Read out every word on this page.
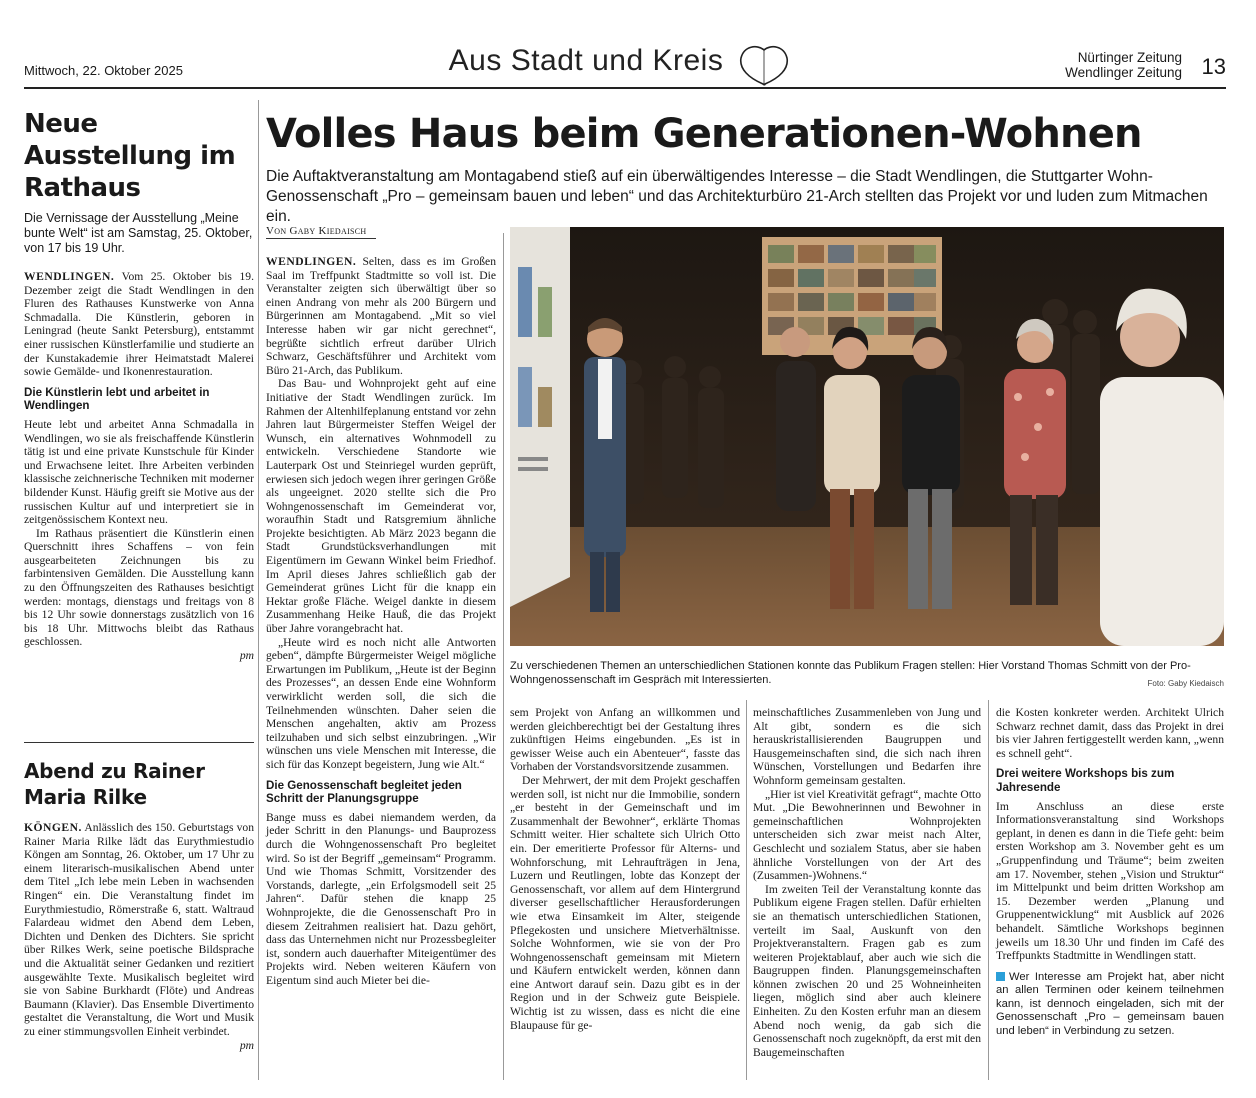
Mittwoch, 22. Oktober 2025	Aus Stadt und Kreis	Nürtinger Zeitung
Wendlinger Zeitung 13
Neue Ausstellung im Rathaus
Die Vernissage der Ausstellung „Meine bunte Welt“ ist am Samstag, 25. Oktober, von 17 bis 19 Uhr.

WENDLINGEN. Vom 25. Oktober bis 19. Dezember zeigt die Stadt Wendlingen in den Fluren des Rathauses Kunstwerke von Anna Schmadalla. Die Künstlerin, geboren in Leningrad (heute Sankt Petersburg), entstammt einer russischen Künstlerfamilie und studierte an der Kunstakademie ihrer Heimatstadt Malerei sowie Gemälde- und Ikonenrestauration.

Die Künstlerin lebt und arbeitet in Wendlingen

Heute lebt und arbeitet Anna Schmadalla in Wendlingen, wo sie als freischaffende Künstlerin tätig ist und eine private Kunstschule für Kinder und Erwachsene leitet. Ihre Arbeiten verbinden klassische zeichnerische Techniken mit moderner bildender Kunst. Häufig greift sie Motive aus der russischen Kultur auf und interpretiert sie in zeitgenössischem Kontext neu.

Im Rathaus präsentiert die Künstlerin einen Querschnitt ihres Schaffens – von fein ausgearbeiteten Zeichnungen bis zu farbintensiven Gemälden. Die Ausstellung kann zu den Öffnungszeiten des Rathauses besichtigt werden: montags, dienstags und freitags von 8 bis 12 Uhr sowie donnerstags zusätzlich von 16 bis 18 Uhr. Mittwochs bleibt das Rathaus geschlossen.

pm

Abend zu Rainer Maria Rilke

KÖNGEN. Anlässlich des 150. Geburtstags von Rainer Maria Rilke lädt das Eurythmiestudio Köngen am Sonntag, 26. Oktober, um 17 Uhr zu einem literarisch-musikalischen Abend unter dem Titel „Ich lebe mein Leben in wachsenden Ringen“ ein. Die Veranstaltung findet im Eurythmiestudio, Römerstraße 6, statt. Waltraud Falardeau widmet den Abend dem Leben, Dichten und Denken des Dichters. Sie spricht über Rilkes Werk, seine poetische Bildsprache und die Aktualität seiner Gedanken und rezitiert ausgewählte Texte. Musikalisch begleitet wird sie von Sabine Burkhardt (Flöte) und Andreas Baumann (Klavier). Das Ensemble Divertimento gestaltet die Veranstaltung, die Wort und Musik zu einer stimmungsvollen Einheit verbindet.

pm

Volles Haus beim Generationen-Wohnen
Die Auftaktveranstaltung am Montagabend stieß auf ein überwältigendes Interesse – die Stadt Wendlingen, die Stuttgarter Wohn-Genossenschaft „Pro – gemeinsam bauen und leben“ und das Architekturbüro 21-Arch stellten das Projekt vor und luden zum Mitmachen ein.
Von Gaby Kiedaisch

WENDLINGEN. Selten, dass es im Großen Saal im Treffpunkt Stadtmitte so voll ist. Die Veranstalter zeigten sich überwältigt über so einen Andrang von mehr als 200 Bürgern und Bürgerinnen am Montagabend. „Mit so viel Interesse haben wir gar nicht gerechnet“, begrüßte sichtlich erfreut darüber Ulrich Schwarz, Geschäftsführer und Architekt vom Büro 21-Arch, das Publikum.

Das Bau- und Wohnprojekt geht auf eine Initiative der Stadt Wendlingen zurück. Im Rahmen der Altenhilfeplanung entstand vor zehn Jahren laut Bürgermeister Steffen Weigel der Wunsch, ein alternatives Wohnmodell zu entwickeln. Verschiedene Standorte wie Lauterpark Ost und Steinriegel wurden geprüft, erwiesen sich jedoch wegen ihrer geringen Größe als ungeeignet. 2020 stellte sich die Pro Wohngenossenschaft im Gemeinderat vor, woraufhin Stadt und Ratsgremium ähnliche Projekte besichtigten. Ab März 2023 begann die Stadt Grundstücksverhandlungen mit Eigentümern im Gewann Winkel beim Friedhof. Im April dieses Jahres schließlich gab der Gemeinderat grünes Licht für die knapp ein Hektar große Fläche. Weigel dankte in diesem Zusammenhang Heike Hauß, die das Projekt über Jahre vorangebracht hat.

„Heute wird es noch nicht alle Antworten geben“, dämpfte Bürgermeister Weigel mögliche Erwartungen im Publikum, „Heute ist der Beginn des Prozesses“, an dessen Ende eine Wohnform verwirklicht werden soll, die sich die Teilnehmenden wünschten. Daher seien die Menschen angehalten, aktiv am Prozess teilzuhaben und sich selbst einzubringen. „Wir wünschen uns viele Menschen mit Interesse, die sich für das Konzept begeistern, Jung wie Alt.“

Die Genossenschaft begleitet jeden Schritt der Planungsgruppe

Bange muss es dabei niemandem werden, da jeder Schritt in den Planungs- und Bauprozess durch die Wohngenossenschaft Pro begleitet wird. So ist der Begriff „gemeinsam“ Programm. Und wie Thomas Schmitt, Vorsitzender des Vorstands, darlegte, „ein Erfolgsmodell seit 25 Jahren“. Dafür stehen die knapp 25 Wohnprojekte, die die Genossenschaft Pro in diesem Zeitrahmen realisiert hat. Dazu gehört, dass das Unternehmen nicht nur Prozessbegleiter ist, sondern auch dauerhafter Miteigentümer des Projekts wird. Neben weiteren Käufern von Eigentum sind auch Mieter bei die-

Zu verschiedenen Themen an unterschiedlichen Stationen konnte das Publikum Fragen stellen: Hier Vorstand Thomas Schmitt von der Pro-Wohngenossenschaft im Gespräch mit Interessierten.	Foto: Gaby Kiedaisch

sem Projekt von Anfang an willkommen und werden gleichberechtigt bei der Gestaltung ihres zukünftigen Heims eingebunden. „Es ist in gewisser Weise auch ein Abenteuer“, fasste das Vorhaben der Vorstandsvorsitzende zusammen.

Der Mehrwert, der mit dem Projekt geschaffen werden soll, ist nicht nur die Immobilie, sondern „er besteht in der Gemeinschaft und im Zusammenhalt der Bewohner“, erklärte Thomas Schmitt weiter. Hier schaltete sich Ulrich Otto ein. Der emeritierte Professor für Alterns- und Wohnforschung, mit Lehraufträgen in Jena, Luzern und Reutlingen, lobte das Konzept der Genossenschaft, vor allem auf dem Hintergrund diverser gesellschaftlicher Herausforderungen wie etwa Einsamkeit im Alter, steigende Pflegekosten und unsichere Mietverhältnisse. Solche Wohnformen, wie sie von der Pro Wohngenossenschaft gemeinsam mit Mietern und Käufern entwickelt werden, können dann eine Antwort darauf sein. Dazu gibt es in der Region und in der Schweiz gute Beispiele. Wichtig ist zu wissen, dass es nicht die eine Blaupause für ge-

meinschaftliches Zusammenleben von Jung und Alt gibt, sondern es die sich herauskristallisierenden Baugruppen und Hausgemeinschaften sind, die sich nach ihren Wünschen, Vorstellungen und Bedarfen ihre Wohnform gemeinsam gestalten.

„Hier ist viel Kreativität gefragt“, machte Otto Mut. „Die Bewohnerinnen und Bewohner in gemeinschaftlichen Wohnprojekten unterscheiden sich zwar meist nach Alter, Geschlecht und sozialem Status, aber sie haben ähnliche Vorstellungen von der Art des (Zusammen-)Wohnens.“

Im zweiten Teil der Veranstaltung konnte das Publikum eigene Fragen stellen. Dafür erhielten sie an thematisch unterschiedlichen Stationen, verteilt im Saal, Auskunft von den Projektveranstaltern. Fragen gab es zum weiteren Projektablauf, aber auch wie sich die Baugruppen finden. Planungsgemeinschaften können zwischen 20 und 25 Wohneinheiten liegen, möglich sind aber auch kleinere Einheiten. Zu den Kosten erfuhr man an diesem Abend noch wenig, da gab sich die Genossenschaft noch zugeknöpft, da erst mit den Baugemeinschaften

die Kosten konkreter werden. Architekt Ulrich Schwarz rechnet damit, dass das Projekt in drei bis vier Jahren fertiggestellt werden kann, „wenn es schnell geht“.

Drei weitere Workshops bis zum Jahresende

Im Anschluss an diese erste Informationsveranstaltung sind Workshops geplant, in denen es dann in die Tiefe geht: beim ersten Workshop am 3. November geht es um „Gruppenfindung und Träume“; beim zweiten am 17. November, stehen „Vision und Struktur“ im Mittelpunkt und beim dritten Workshop am 15. Dezember werden „Planung und Gruppenentwicklung“ mit Ausblick auf 2026 behandelt. Sämtliche Workshops beginnen jeweils um 18.30 Uhr und finden im Café des Treffpunkts Stadtmitte in Wendlingen statt.

Wer Interesse am Projekt hat, aber nicht an allen Terminen oder keinem teilnehmen kann, ist dennoch eingeladen, sich mit der Genossenschaft „Pro – gemeinsam bauen und leben“ in Verbindung zu setzen.
